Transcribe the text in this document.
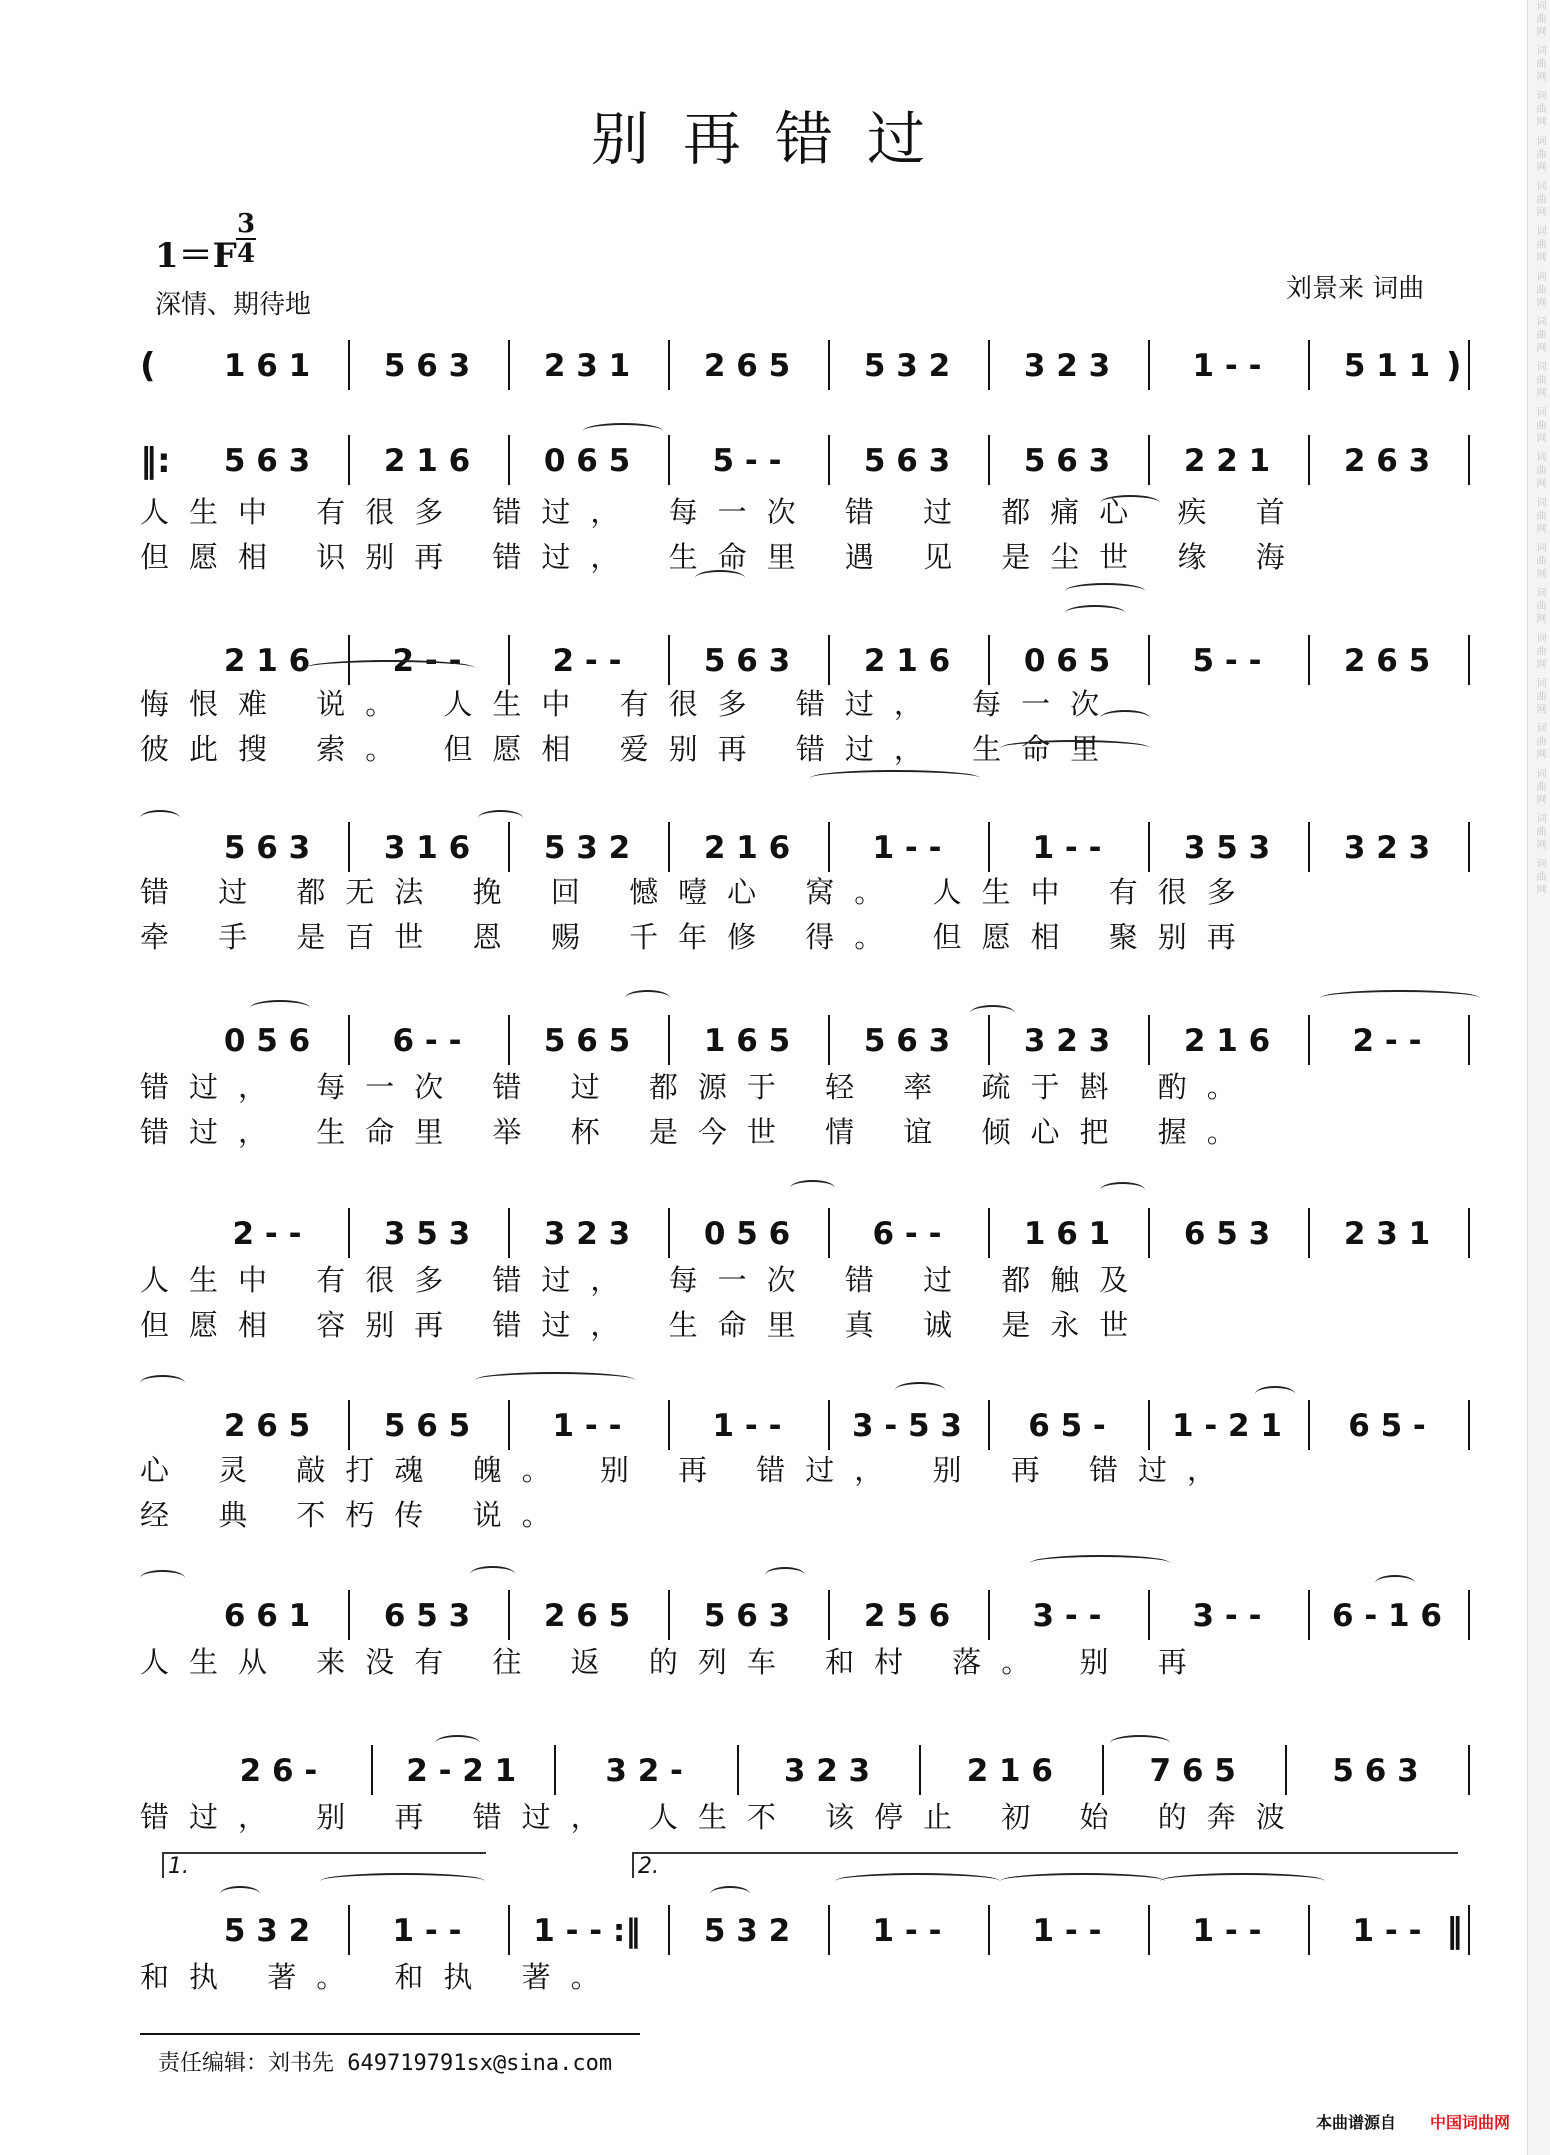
词曲网 词曲网 词曲网 词曲网 词曲网 词曲网 词曲网 词曲网 词曲网 词曲网 词曲网 词曲网 词曲网 词曲网 词曲网 词曲网 词曲网 词曲网 词曲网 词曲网
别再错过
1＝F
3
4
深情、期待地
刘景来 词曲
(	1 6 1	5 6 3	2 3 1	2 6 5	5 3 2	3 2 3	1 - -	5 1 1 )
‖:	5 6 3	2 1 6	0 6 5	5 - -	5 6 3	5 6 3	2 2 1	2 6 3
人生中 有很多 错过， 每一次 错 过 都痛心 疾 首
但愿相 识别再 错过， 生命里 遇 见 是尘世 缘 海
2 1 6	2 - -	2 - -	5 6 3	2 1 6	0 6 5	5 - -	2 6 5
悔恨难 说。 人生中 有很多 错过， 每一次
彼此搜 索。 但愿相 爱别再 错过， 生命里
5 6 3	3 1 6	5 3 2	2 1 6	1 - -	1 - -	3 5 3	3 2 3
错 过 都无法 挽 回 憾噎心 窝。 人生中 有很多
牵 手 是百世 恩 赐 千年修 得。 但愿相 聚别再
0 5 6	6 - -	5 6 5	1 6 5	5 6 3	3 2 3	2 1 6	2 - -
错过， 每一次 错 过 都源于 轻 率 疏于斟 酌。
错过， 生命里 举 杯 是今世 情 谊 倾心把 握。
2 - -	3 5 3	3 2 3	0 5 6	6 - -	1 6 1	6 5 3	2 3 1
人生中 有很多 错过， 每一次 错 过 都触及
但愿相 容别再 错过， 生命里 真 诚 是永世
2 6 5	5 6 5	1 - -	1 - -	3 - 5 3	6 5 -	1 - 2 1	6 5 -
心 灵 敲打魂 魄。 别 再 错过， 别 再 错过，
经 典 不朽传 说。
6 6 1	6 5 3	2 6 5	5 6 3	2 5 6	3 - -	3 - -	6 - 1 6
人生从 来没有 往 返 的列车 和村 落。 别 再
2 6 -	2 - 2 1	3 2 -	3 2 3	2 1 6	7 6 5	5 6 3
错过， 别 再 错过， 人生不 该停止 初 始 的奔波
5 3 2	1 - -	1 - - :‖	5 3 2	1 - -	1 - -	1 - -	1 - - ‖
和执 著。 和执 著。
1.	2.
责任编辑：刘书先 649719791sx@sina.com
本曲谱源自 中国词曲网
